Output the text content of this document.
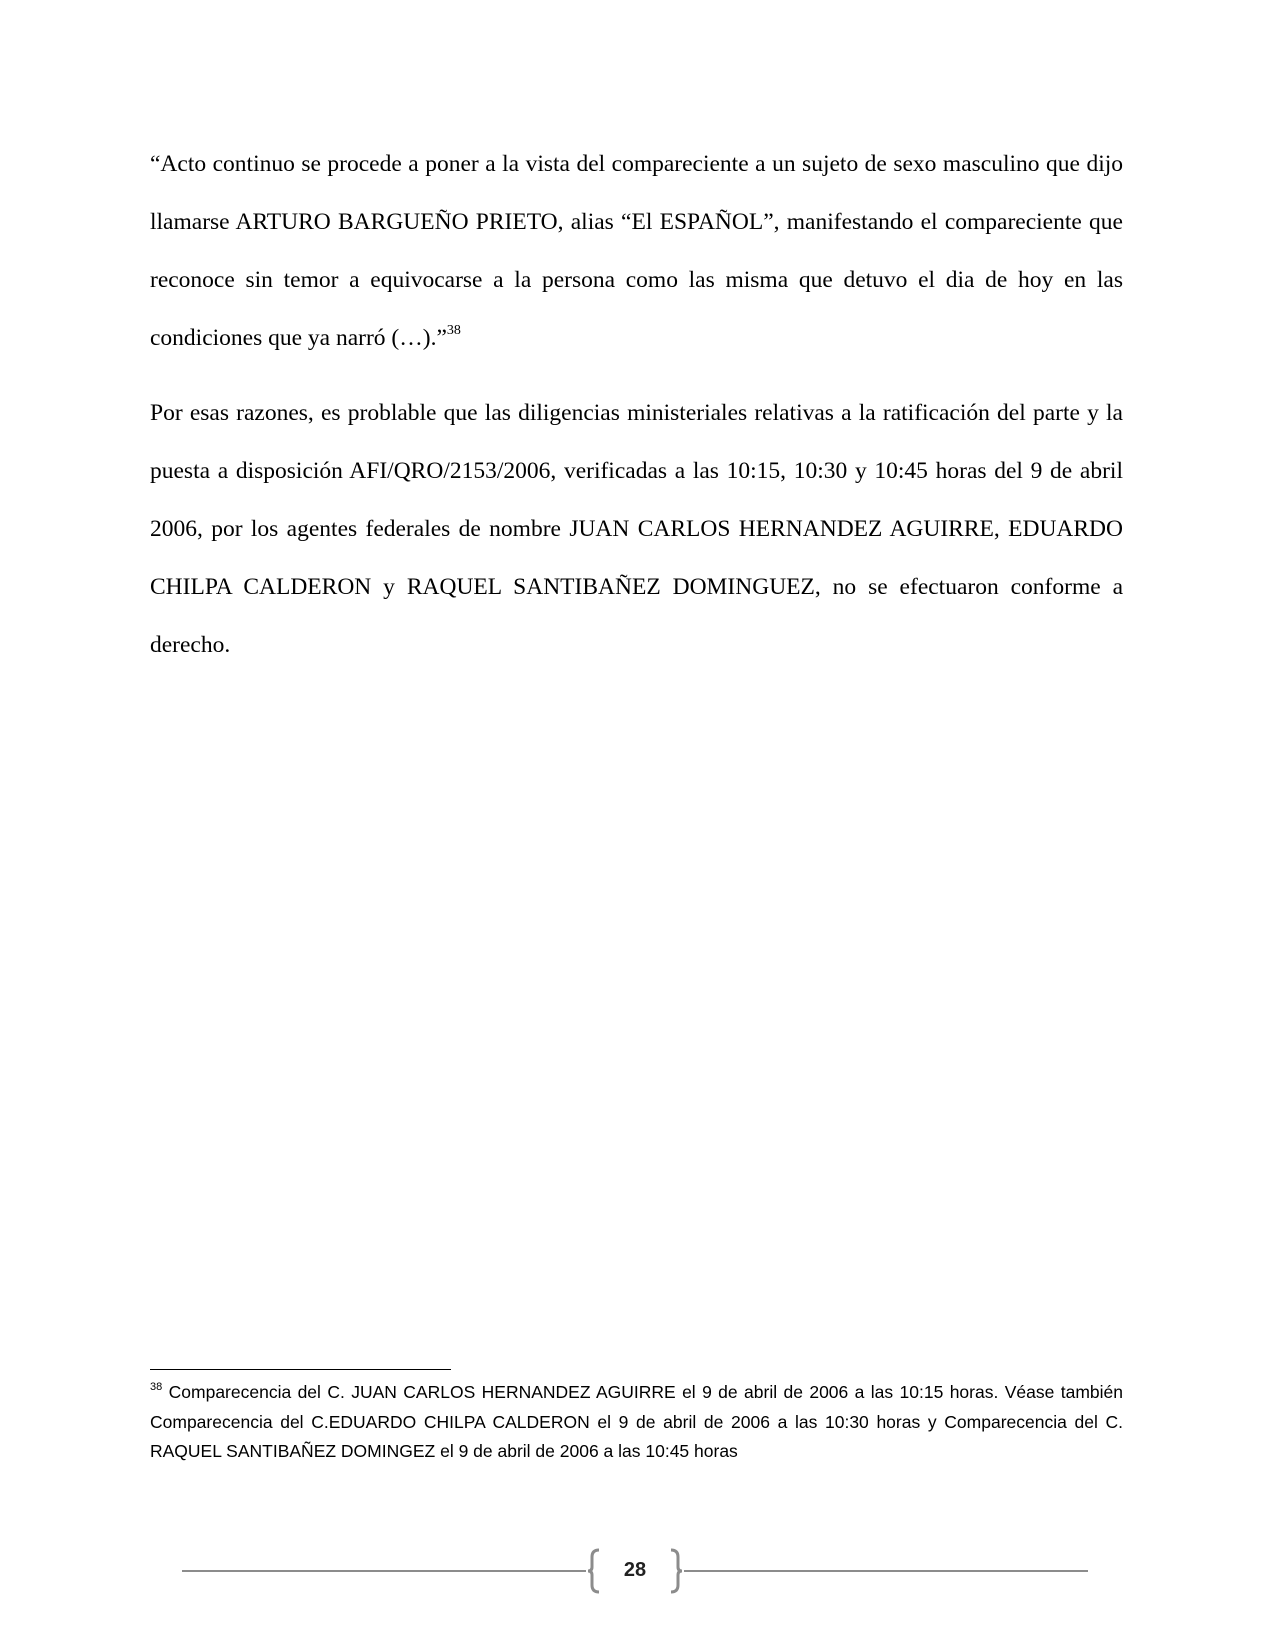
“Acto continuo se procede a poner a la vista del compareciente a un sujeto de sexo masculino que dijo llamarse ARTURO BARGUEÑO PRIETO, alias “El ESPAÑOL”, manifestando el compareciente que reconoce sin temor a equivocarse a la persona como las misma que detuvo el dia de hoy en las condiciones que ya narró (…).”$^{38}$

Por esas razones, es problable que las diligencias ministeriales relativas a la ratificación del parte y la puesta a disposición AFI/QRO/2153/2006, verificadas a las 10:15, 10:30 y 10:45 horas del 9 de abril 2006, por los agentes federales de nombre JUAN CARLOS HERNANDEZ AGUIRRE, EDUARDO CHILPA CALDERON y RAQUEL SANTIBAÑEZ DOMINGUEZ, no se efectuaron conforme a derecho.

$^{38}$ Comparecencia del C. JUAN CARLOS HERNANDEZ AGUIRRE el 9 de abril de 2006 a las 10:15 horas. Véase también Comparecencia del C.EDUARDO CHILPA CALDERON el 9 de abril de 2006 a las 10:30 horas y Comparecencia del C. RAQUEL SANTIBAÑEZ DOMINGEZ el 9 de abril de 2006 a las 10:45 horas

28
